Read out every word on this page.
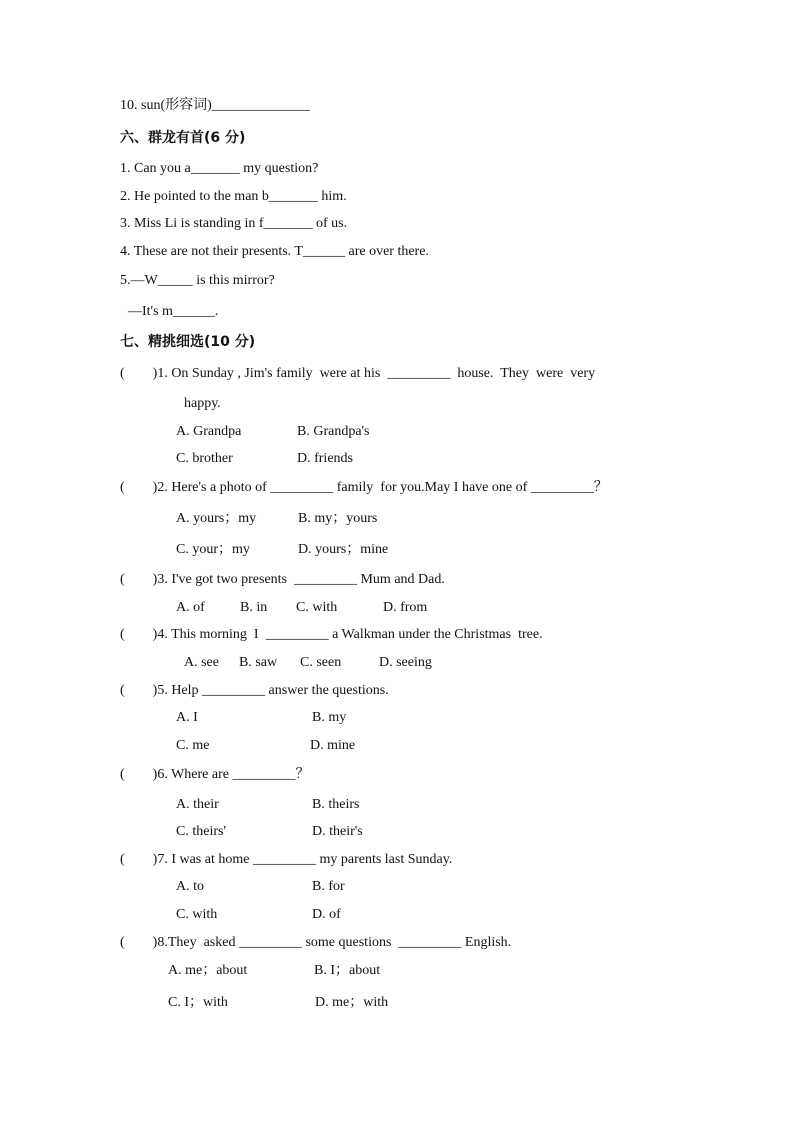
10. sun(形容词)______________
六、群龙有首(6 分)
1. Can you a_______ my question?
2. He pointed to the man b_______ him.
3. Miss Li is standing in f_______ of us.
4. These are not their presents. T______ are over there.
5.—W_____ is this mirror?
—It's m______.
七、精挑细选(10 分)
(        )1. On Sunday , Jim's family  were at his  _________  house.  They  were  very
happy.
A. Grandpa	B. Grandpa's
C. brother	D. friends
(        )2. Here's a photo of _________ family  for you.May I have one of _________？
A. yours；my	B. my；yours
C. your；my	D. yours；mine
(        )3. I've got two presents  _________ Mum and Dad.
A. of	B. in C. with	D. from
(        )4. This morning  I  _________ a Walkman under the Christmas  tree.
A. see B. saw C. seen	D. seeing
(        )5. Help _________ answer the questions.
A. I	B. my
C. me	D. mine
(        )6. Where are _________？
A. their	B. theirs
C. theirs'	D. their's
(        )7. I was at home _________ my parents last Sunday.
A. to	B. for
C. with	D. of
(        )8.They  asked _________ some questions  _________ English.
A. me；about	B. I；about
C. I；with	D. me；with
